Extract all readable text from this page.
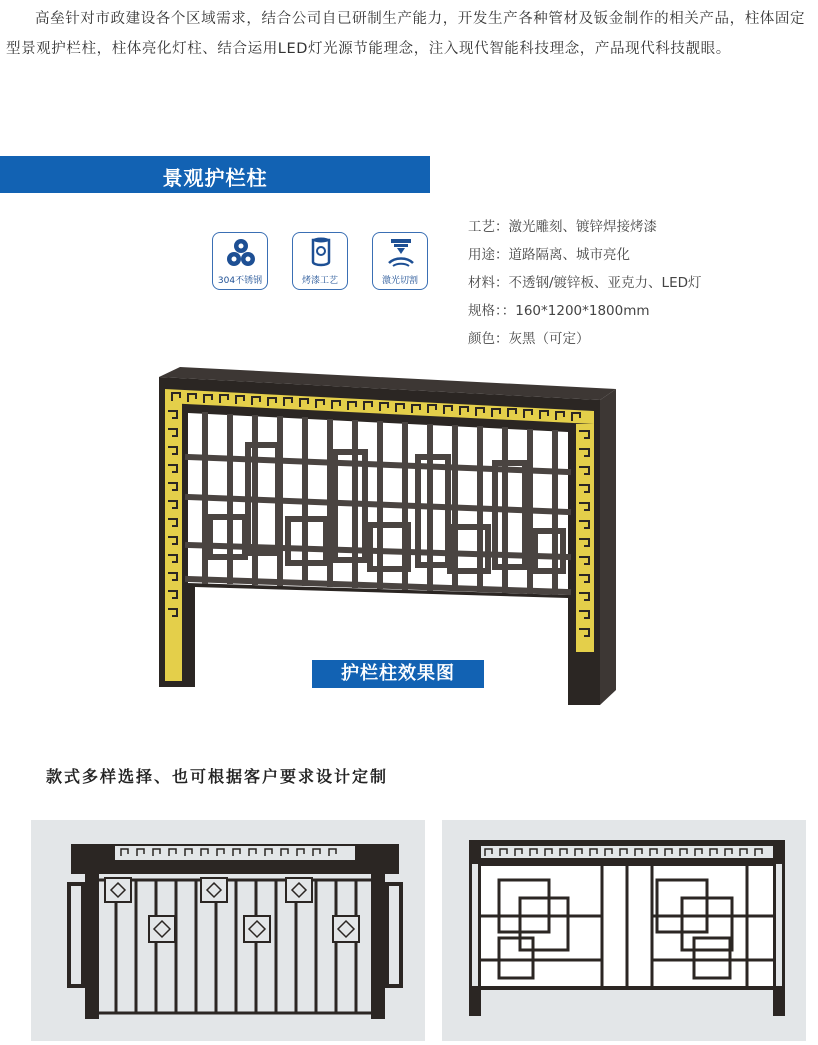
高垒针对市政建设各个区域需求，结合公司自已研制生产能力，开发生产各种管材及钣金制作的相关产品，柱体固定型景观护栏柱，柱体亮化灯柱、结合运用LED灯光源节能理念，注入现代智能科技理念，产品现代科技靓眼。
景观护栏柱
304不锈钢	烤漆工艺	激光切割
工艺：激光雕刻、镀锌焊接烤漆
用途：道路隔离、城市亮化
材料：不透钢/镀锌板、亚克力、LED灯
规格：：160*1200*1800mm
颜色：灰黑（可定）
护栏柱效果图
款式多样选择、也可根据客户要求设计定制
